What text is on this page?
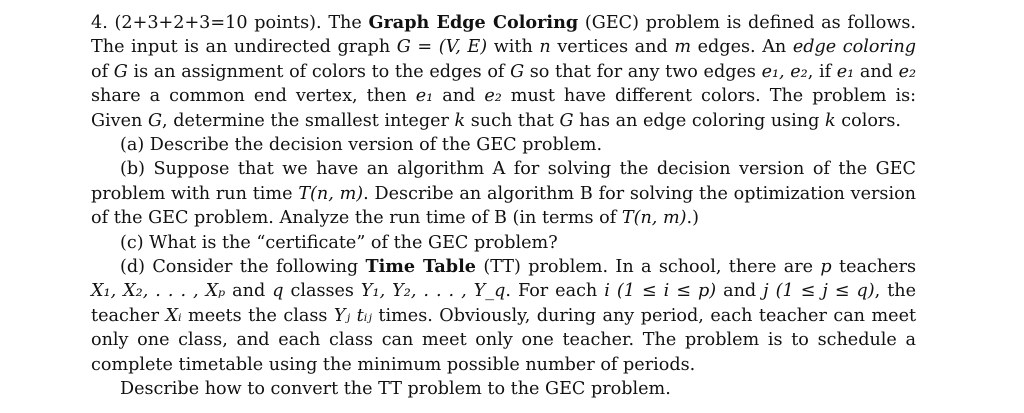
4. (2+3+2+3=10 points). The Graph Edge Coloring (GEC) problem is defined as follows. The input is an undirected graph G = (V, E) with n vertices and m edges. An edge coloring of G is an assignment of colors to the edges of G so that for any two edges e₁, e₂, if e₁ and e₂ share a common end vertex, then e₁ and e₂ must have different colors. The problem is: Given G, determine the smallest integer k such that G has an edge coloring using k colors.

(a) Describe the decision version of the GEC problem.

(b) Suppose that we have an algorithm A for solving the decision version of the GEC problem with run time T(n, m). Describe an algorithm B for solving the optimization version of the GEC problem. Analyze the run time of B (in terms of T(n, m).)

(c) What is the “certificate” of the GEC problem?

(d) Consider the following Time Table (TT) problem. In a school, there are p teachers X₁, X₂, . . . , Xₚ and q classes Y₁, Y₂, . . . , Y_q. For each i (1 ≤ i ≤ p) and j (1 ≤ j ≤ q), the teacher Xᵢ meets the class Yⱼ tᵢⱼ times. Obviously, during any period, each teacher can meet only one class, and each class can meet only one teacher. The problem is to schedule a complete timetable using the minimum possible number of periods.

Describe how to convert the TT problem to the GEC problem.
